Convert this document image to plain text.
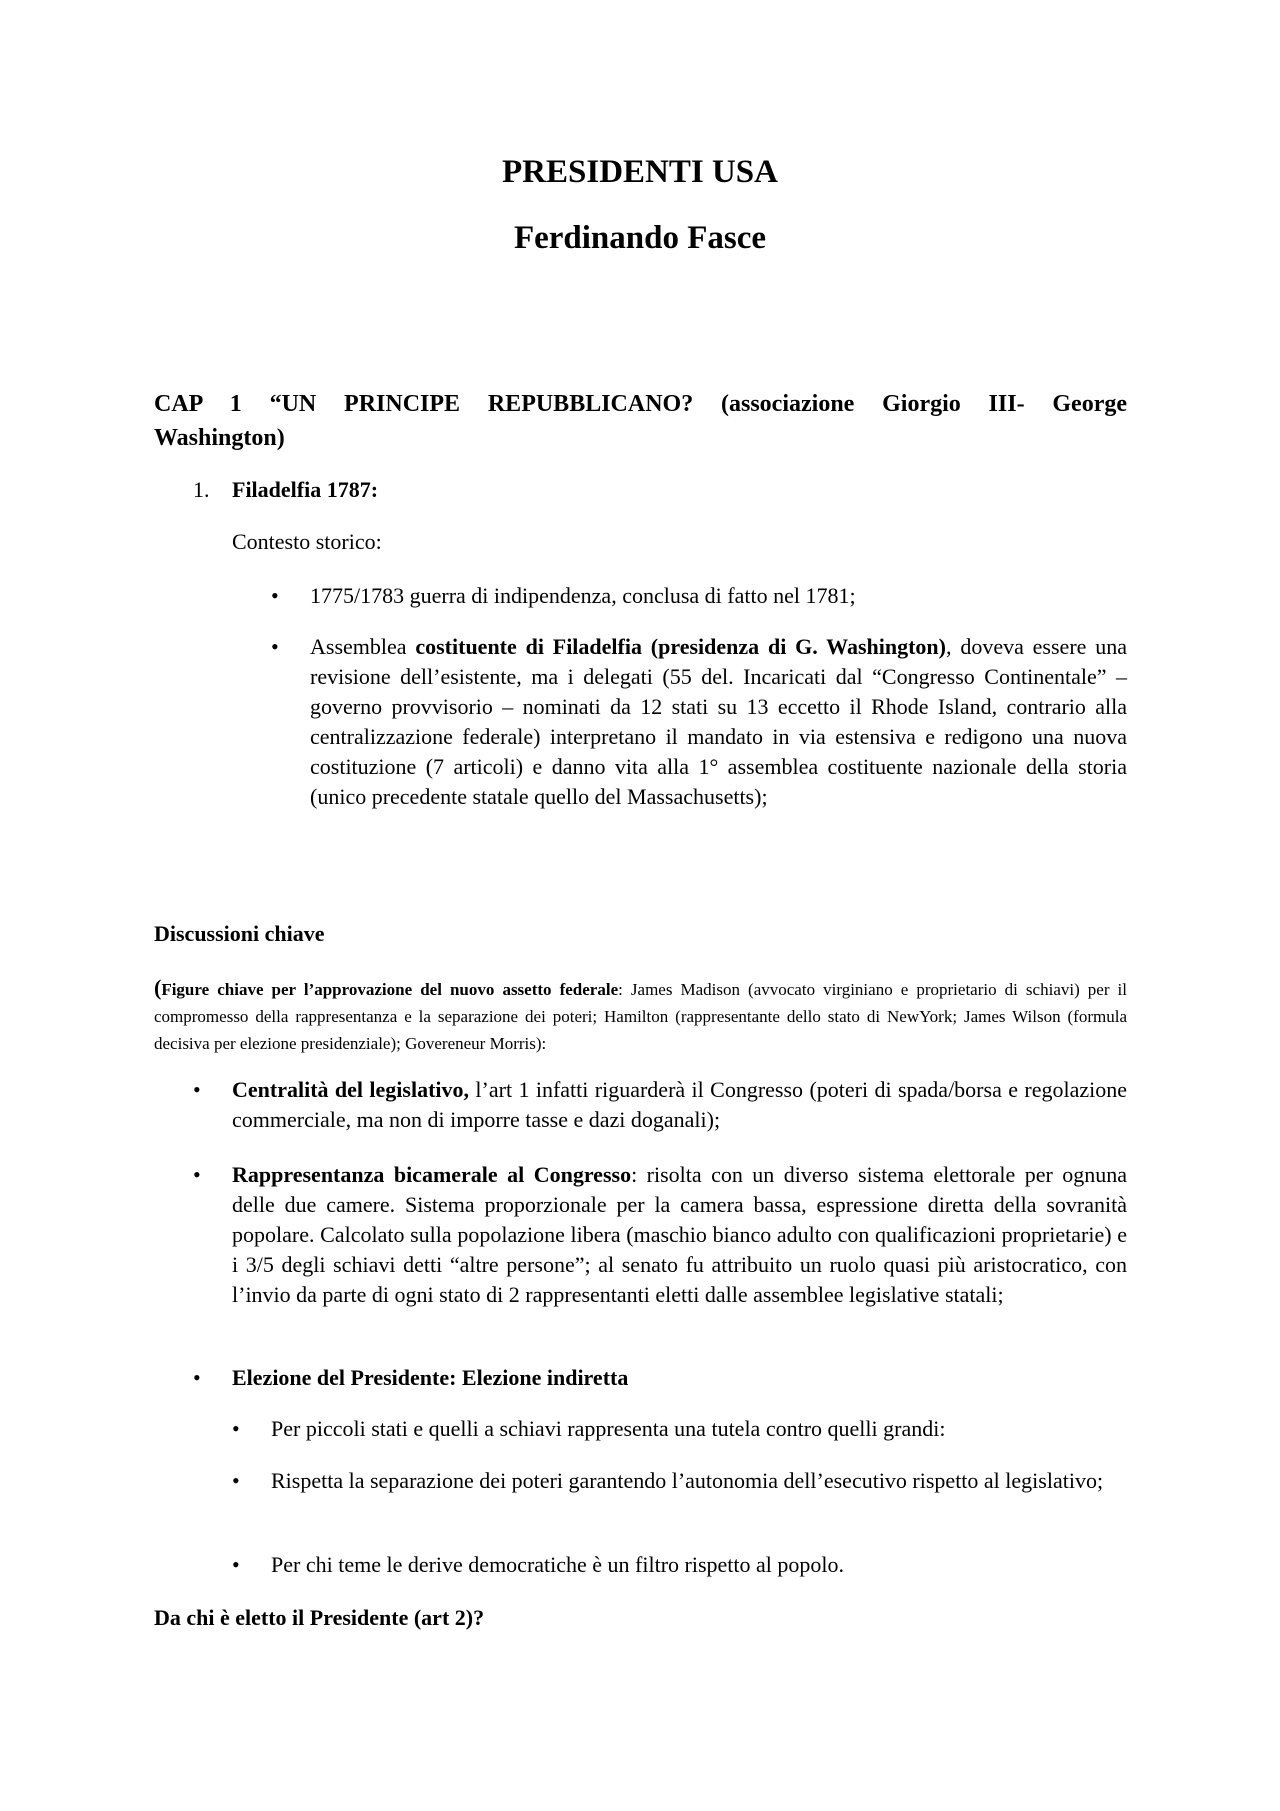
PRESIDENTI USA
Ferdinando Fasce
CAP 1 “UN PRINCIPE REPUBBLICANO? (associazione Giorgio III- George
Washington)
1. Filadelfia 1787:
Contesto storico:
• 1775/1783 guerra di indipendenza, conclusa di fatto nel 1781;
• Assemblea costituente di Filadelfia (presidenza di G. Washington), doveva essere una revisione dell’esistente, ma i delegati (55 del. Incaricati dal “Congresso Continentale” – governo provvisorio – nominati da 12 stati su 13 eccetto il Rhode Island, contrario alla centralizzazione federale) interpretano il mandato in via estensiva e redigono una nuova costituzione (7 articoli) e danno vita alla 1° assemblea costituente nazionale della storia (unico precedente statale quello del Massachusetts);

Discussioni chiave

(Figure chiave per l’approvazione del nuovo assetto federale: James Madison (avvocato virginiano e proprietario di schiavi) per il compromesso della rappresentanza e la separazione dei poteri; Hamilton (rappresentante dello stato di NewYork; James Wilson (formula decisiva per elezione presidenziale); Govereneur Morris):

• Centralità del legislativo, l’art 1 infatti riguarderà il Congresso (poteri di spada/borsa e regolazione commerciale, ma non di imporre tasse e dazi doganali);

• Rappresentanza bicamerale al Congresso: risolta con un diverso sistema elettorale per ognuna delle due camere. Sistema proporzionale per la camera bassa, espressione diretta della sovranità popolare. Calcolato sulla popolazione libera (maschio bianco adulto con qualificazioni proprietarie) e i 3/5 degli schiavi detti “altre persone”; al senato fu attribuito un ruolo quasi più aristocratico, con l’invio da parte di ogni stato di 2 rappresentanti eletti dalle assemblee legislative statali;

• Elezione del Presidente: Elezione indiretta

• Per piccoli stati e quelli a schiavi rappresenta una tutela contro quelli grandi:

• Rispetta la separazione dei poteri garantendo l’autonomia dell’esecutivo rispetto al legislativo;

• Per chi teme le derive democratiche è un filtro rispetto al popolo.

Da chi è eletto il Presidente (art 2)?
